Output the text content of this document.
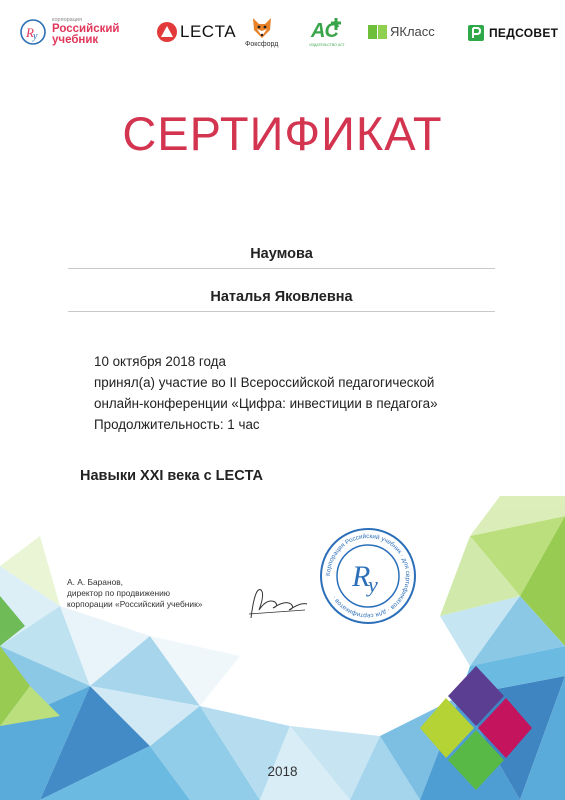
R y
корпорация
Российский
учебник	LECTA
Фоксфорд
АС
ИЗДАТЕЛЬСТВО АСТ
ЯКласс	ПЕДСОВЕТ
СЕРТИФИКАТ
Наумова
Наталья Яковлевна
10 октября 2018 года
принял(а) участие во II Всероссийской педагогической
онлайн-конференции «Цифра: инвестиции в педагога»
Продолжительность: 1 час
Навыки XXI века с LECTA
А. А. Баранов,
директор по продвижению
корпорации «Российский учебник»
Корпорация Российский учебник · для сертификатов · для сертификатов ·
R
y
2018
